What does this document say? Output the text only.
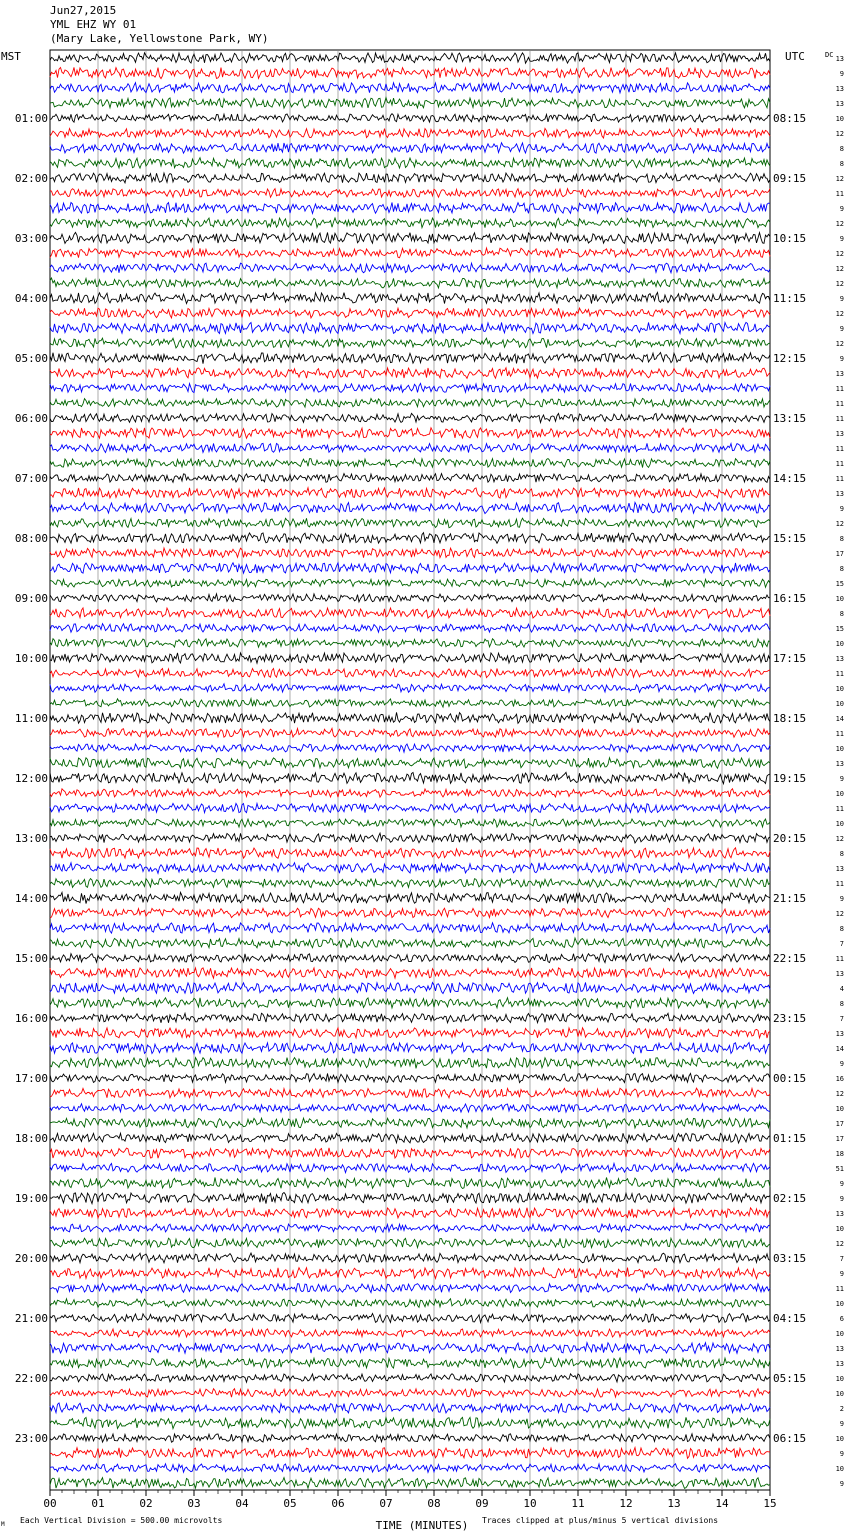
Jun27,2015
YML EHZ WY 01
(Mary Lake, Yellowstone Park, WY)
MST	UTC	13
9
13
13
10
12
8
8
12
11
9
12
9
12
12
12
9
12
9
12
9
13
11
11
11
13
11
11
11
13
9
12
8
17
8
15
10
8
15
10
13
11
10
10
14
11
10
13
9
10
11
10
12
8
13
11
9
12
8
7
11
13
4
8
7
13
14
9
16
12
10
17
17
18
51
9
9
13
10
12
7
9
11
10
6
10
13
13
10
10
2
9
10
9
10
9
DC
01:00	08:15
02:00	09:15
03:00	10:15
04:00	11:15
05:00	12:15
06:00	13:15
07:00	14:15
08:00	15:15
09:00	16:15
10:00	17:15
11:00	18:15
12:00	19:15
13:00	20:15
14:00	21:15
15:00	22:15
16:00	23:15
17:00	00:15
18:00	01:15
19:00	02:15
20:00	03:15
21:00	04:15
22:00	05:15
23:00	06:15
00	01	02	03	04	05	06	07	08	09	10	11	12	13	14	15
TIME (MINUTES)
Each Vertical Division = 500.00 microvolts	Traces clipped at plus/minus 5 vertical divisions
M
